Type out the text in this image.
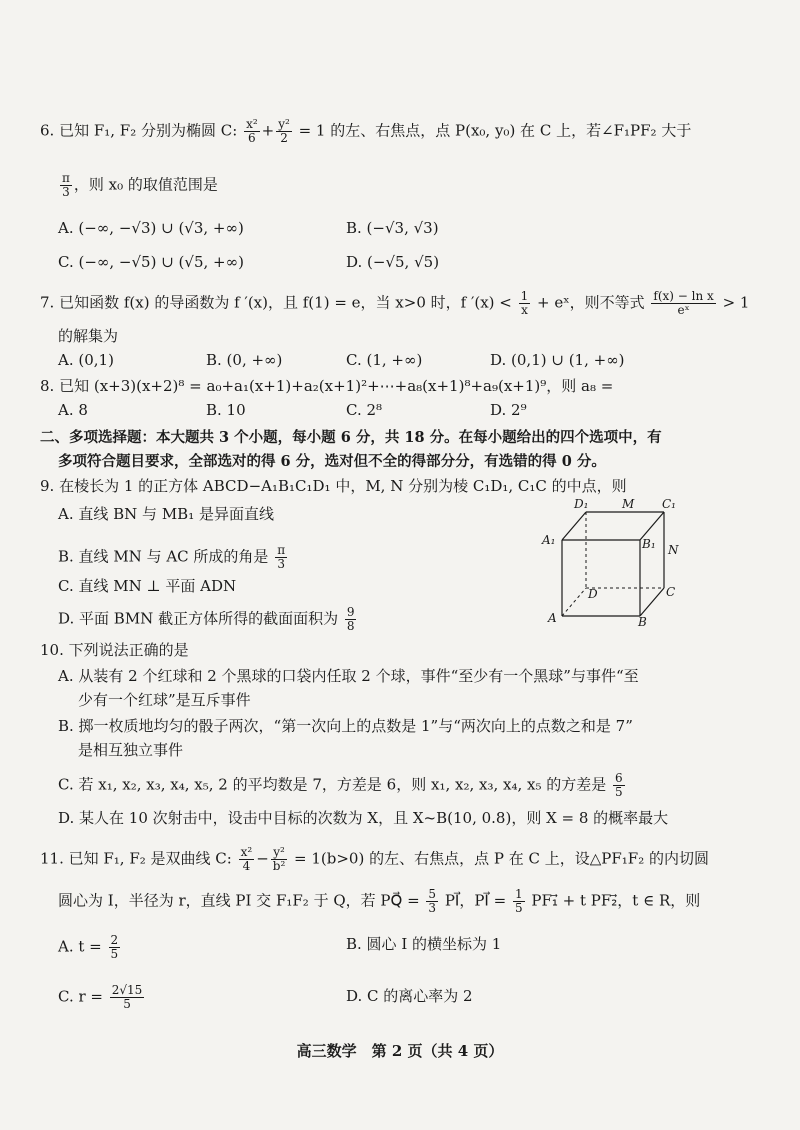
6. 已知 F₁, F₂ 分别为椭圆 C: $\frac{\text{x²}}{6} + \frac{\text{y²}}{2} = 1$ 的左、右焦点，点 P(x₀, y₀) 在 C 上，若∠F₁PF₂ 大于
$\frac{\pi}{3}$ ，则 x₀ 的取值范围是
A. (−∞, −√3) ∪ (√3, +∞)	B. (−√3, √3)
C. (−∞, −√5) ∪ (√5, +∞)	D. (−√5, √5)
7. 已知函数 f(x) 的导函数为 f ′(x)，且 f(1) = e，当 x>0 时，f $'(x) < \frac{1}{x}$ + eˣ，则不等式 $\frac{\text{f(x) − ln x}}{\text{eˣ}} > 1$
的解集为
A. (0,1)	B. (0, +∞)	C. (1, +∞)	D. (0,1) ∪ (1, +∞)
8. 已知 (x+3)(x+2)⁸ = a₀+a₁(x+1)+a₂(x+1)²+⋯+a₈(x+1)⁸+a₉(x+1)⁹，则 a₈ =
A. 8	B. 10	C. 2⁸	D. 2⁹
二、多项选择题：本大题共 3 个小题，每小题 6 分，共 18 分。在每小题给出的四个选项中，有
多项符合题目要求，全部选对的得 6 分，选对但不全的得部分分，有选错的得 0 分。
9. 在棱长为 1 的正方体 ABCD−A₁B₁C₁D₁ 中，M, N 分别为棱 C₁D₁, C₁C 的中点，则
A. 直线 BN 与 MB₁ 是异面直线
B. 直线 MN 与 AC 所成的角是 $\frac{\pi}{3}$
C. 直线 MN ⊥ 平面 ADN
D. 平面 BMN 截正方体所得的截面面积为 $\frac{9}{8}$
D₁	M C₁
A₁	B₁ N
D	C
A	B
10. 下列说法正确的是
A. 从装有 2 个红球和 2 个黑球的口袋内任取 2 个球，事件“至少有一个黑球”与事件“至
少有一个红球”是互斥事件
B. 掷一枚质地均匀的骰子两次，“第一次向上的点数是 1”与“两次向上的点数之和是 7”
是相互独立事件
C. 若 x₁, x₂, x₃, x₄, x₅, 2 的平均数是 7，方差是 6，则 x₁, x₂, x₃, x₄, x₅ 的方差是 $\frac{6}{5}$
D. 某人在 10 次射击中，设击中目标的次数为 X，且 X~B(10, 0.8)，则 X = 8 的概率最大
11. 已知 F₁, F₂ 是双曲线 C: $\frac{\text{x²}}{4} - \frac{\text{y²}}{\text{b²}} = 1(b>0)$ 的左、右焦点，点 P 在 C 上，设△PF₁F₂ 的内切圆
圆心为 I，半径为 r，直线 PI 交 F₁F₂ 于 Q，若 PQ⃗ = $\frac{5}{3}$ PI⃗，PI⃗ = $\frac{1}{5}$ PF₁⃗ + t PF₂⃗，t ∈ R，则
A. $t = \frac{2}{5}$	B. 圆心 I 的横坐标为 1
C. $r = \frac{2√15}{5}$	D. C 的离心率为 2
高三数学　第 2 页（共 4 页）
